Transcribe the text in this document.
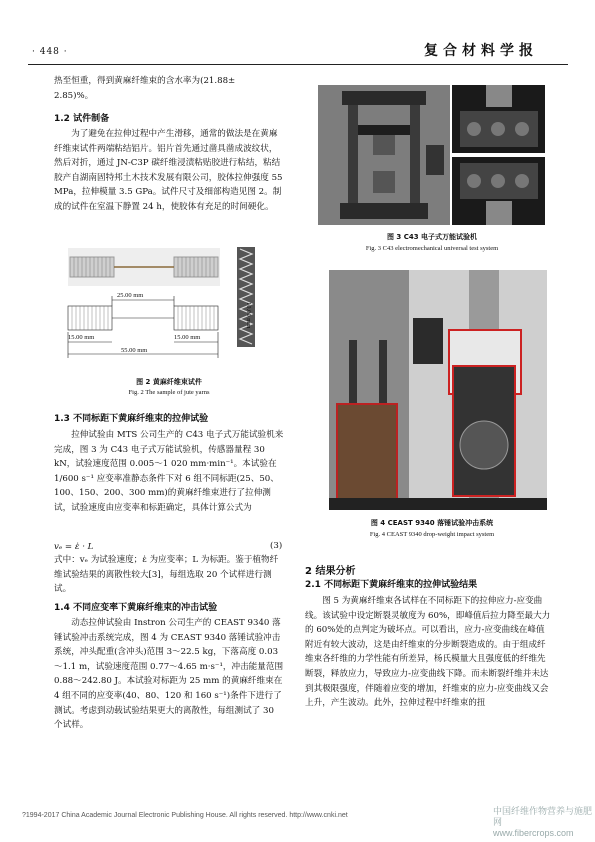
· 448 ·	复合材料学报

热至恒重，得到黄麻纤维束的含水率为(21.88±

2.85)%。

1.2 试件制备

为了避免在拉伸过程中产生滑移，通常的做法是在黄麻纤维束试件两端粘结铝片。铝片首先通过凿具凿成波纹状，然后对折，通过 JN-C3P 碳纤维浸渍粘贴胶进行粘结，粘结胶产自湖南固特邦土木技术发展有限公司，胶体拉伸强度 55 MPa，拉伸模量 3.5 GPa。试件尺寸及细部构造见图 2。制成的试件在室温下静置 24 h，使胶体有充足的时间硬化。

25.00 mm
15.00 mm	15.00 mm
55.00 mm
10.00 mm
图 2 黄麻纤维束试件
Fig. 2 The sample of jute yarns
1.3 不同标距下黄麻纤维束的拉伸试验

拉伸试验由 MTS 公司生产的 C43 电子式万能试验机来完成，图 3 为 C43 电子式万能试验机，传感器量程 30 kN，试验速度范围 0.005～1 020 mm·min⁻¹。本试验在 1/600 s⁻¹ 应变率准静态条件下对 6 组不同标距(25、50、100、150、200、300 mm)的黄麻纤维束进行了拉伸测试，试验速度由应变率和标距确定，具体计算公式为

vₑ = ε̇ · L	(3)

式中：vₑ 为试验速度；ε̇ 为应变率；L 为标距。鉴于植物纤维试验结果的离散性较大[3]，每组选取 20 个试样进行测试。

1.4 不同应变率下黄麻纤维束的冲击试验

动态拉伸试验由 Instron 公司生产的 CEAST 9340 落锤试验冲击系统完成，图 4 为 CEAST 9340 落锤试验冲击系统，冲头配重(含冲头)范围 3～22.5 kg，下落高度 0.03～1.1 m，试验速度范围 0.77～4.65 m·s⁻¹，冲击能量范围 0.88～242.80 J。本试验对标距为 25 mm 的黄麻纤维束在 4 组不同的应变率(40、80、120 和 160 s⁻¹)条件下进行了测试。考虑到动载试验结果更大的离散性，每组测试了 30 个试样。

图 3 C43 电子式万能试验机
Fig. 3 C43 electromechanical universal test system
图 4 CEAST 9340 落锤试验冲击系统
Fig. 4 CEAST 9340 drop-weight impact system
2 结果分析
2.1 不同标距下黄麻纤维束的拉伸试验结果

图 5 为黄麻纤维束各试样在不同标距下的拉伸应力-应变曲线。该试验中设定断裂灵敏度为 60%，即峰值后拉力降至最大力的 60%处的点判定为破坏点。可以看出，应力-应变曲线在峰值附近有较大波动，这是由纤维束的分步断裂造成的。由于组成纤维束各纤维的力学性能有所差异，杨氏模量大且强度低的纤维先断裂，释放应力，导致应力-应变曲线下降。而未断裂纤维并未达到其极限强度，伴随着应变的增加，纤维束的应力-应变曲线又会上升，产生波动。此外，拉伸过程中纤维束的扭

?1994-2017 China Academic Journal Electronic Publishing House. All rights reserved. http://www.cnki.net	中国纤维作物营养与施肥网
www.fibercrops.com
